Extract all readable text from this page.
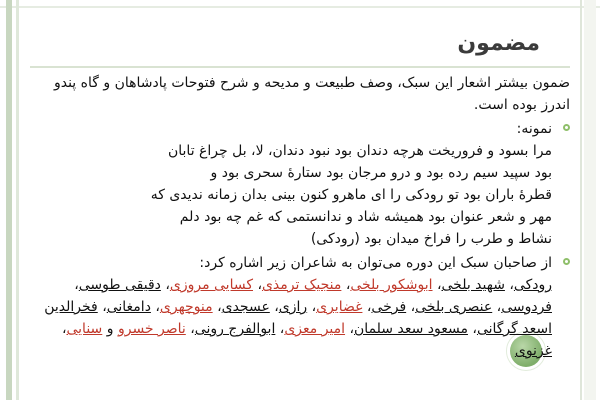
مضمون

ضمون بیشتر اشعار این سبک، وصف طبیعت و مدیحه و شرح فتوحات پادشاهان و گاه پندو اندرز بوده است.

نمونه:
مرا بسود و فروریخت هرچه دندان بود نبود دندان، لا، بل چراغ تابان
بود سپید سیم رده بود و درو مرجان بود ستارهٔ سحری بود و
قطرهٔ باران بود تو رودکی را ای ماهرو کنون بینی بدان زمانه ندیدی که
مهر و شعر عنوان بود همیشه شاد و ندانستمی که غم چه بود دلم
نشاط و طرب را فراخ میدان بود (رودکی)
از صاحبان سبک این دوره می‌توان به شاعران زیر اشاره کرد:
رودکی، شهید بلخی، ابوشکور بلخی، منجیک ترمذی، کسایی مروزی، دقیقی طوسی، فردوسی، عنصری بلخی، فرخی، غضایری، رازی، عسجدی، منوچهری، دامغانی، فخرالدین اسعد گرگانی، مسعود سعد سلمان، امیر معزی، ابوالفرج رونی، ناصر خسرو و سنایی، غزنوی
